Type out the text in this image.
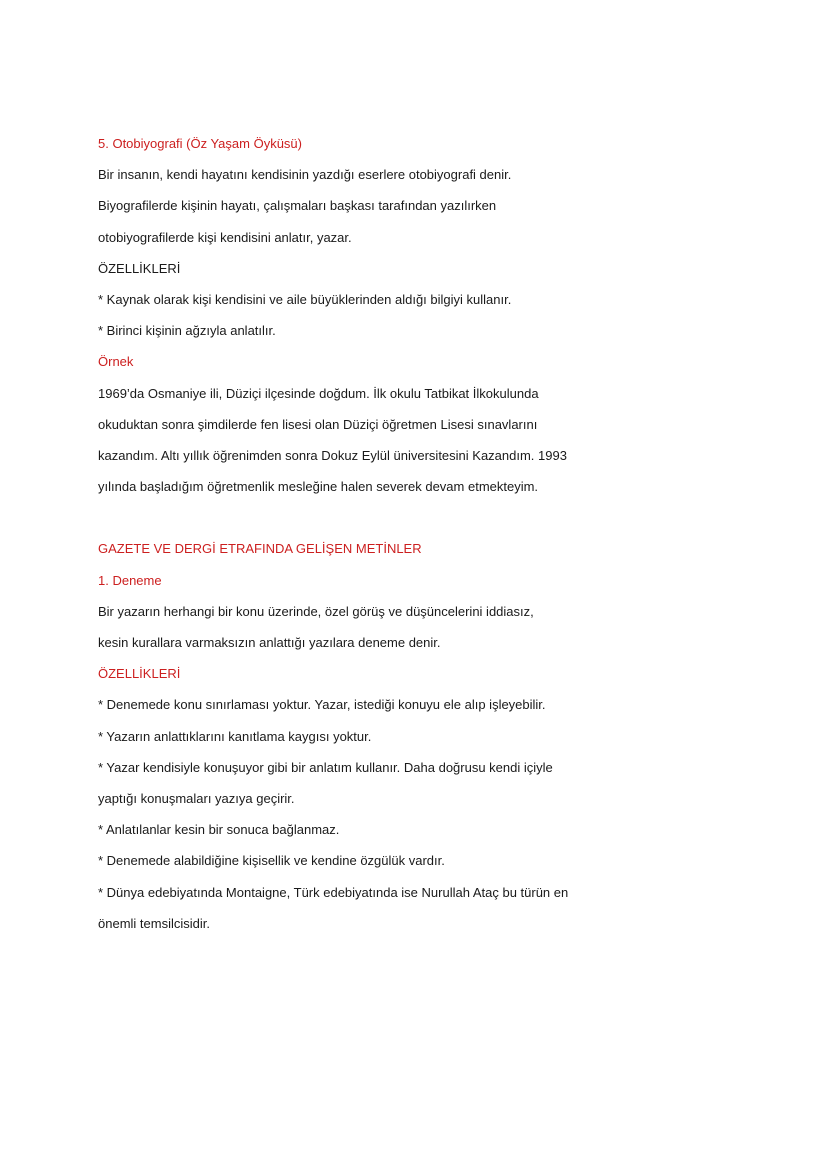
5. Otobiyografi (Öz Yaşam Öyküsü)
Bir insanın, kendi hayatını kendisinin yazdığı eserlere otobiyografi denir.
Biyografilerde kişinin hayatı, çalışmaları başkası tarafından yazılırken
otobiyografilerde kişi kendisini anlatır, yazar.
ÖZELLİKLERİ
* Kaynak olarak kişi kendisini ve aile büyüklerinden aldığı bilgiyi kullanır.
* Birinci kişinin ağzıyla anlatılır.
Örnek
1969’da Osmaniye ili, Düziçi ilçesinde doğdum. İlk okulu Tatbikat İlkokulunda
okuduktan sonra şimdilerde fen lisesi olan Düziçi öğretmen Lisesi sınavlarını
kazandım. Altı yıllık öğrenimden sonra Dokuz Eylül üniversitesini Kazandım. 1993
yılında başladığım öğretmenlik mesleğine halen severek devam etmekteyim.
GAZETE VE DERGİ ETRAFINDA GELİŞEN METİNLER
1. Deneme
Bir yazarın herhangi bir konu üzerinde, özel görüş ve düşüncelerini iddiasız,
kesin kurallara varmaksızın anlattığı yazılara deneme denir.
ÖZELLİKLERİ
* Denemede konu sınırlaması yoktur. Yazar, istediği konuyu ele alıp işleyebilir.
* Yazarın anlattıklarını kanıtlama kaygısı yoktur.
* Yazar kendisiyle konuşuyor gibi bir anlatım kullanır. Daha doğrusu kendi içiyle
yaptığı konuşmaları yazıya geçirir.
* Anlatılanlar kesin bir sonuca bağlanmaz.
* Denemede alabildiğine kişisellik ve kendine özgülük vardır.
* Dünya edebiyatında Montaigne, Türk edebiyatında ise Nurullah Ataç bu türün en
önemli temsilcisidir.
